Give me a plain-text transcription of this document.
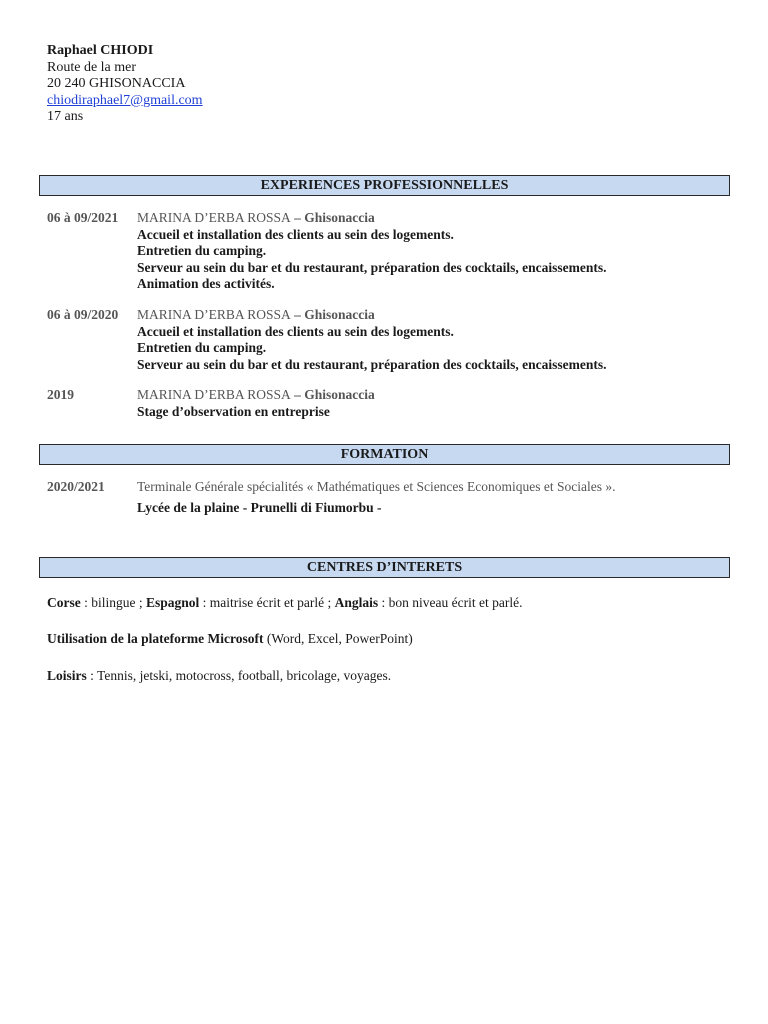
Raphael CHIODI
Route de la mer
20 240 GHISONACCIA
chiodiraphael7@gmail.com
17 ans
EXPERIENCES PROFESSIONNELLES
06 à 09/2021	MARINA D’ERBA ROSSA – Ghisonaccia
Accueil et installation des clients au sein des logements.
Entretien du camping.
Serveur au sein du bar et du restaurant, préparation des cocktails, encaissements.
Animation des activités.
06 à 09/2020	MARINA D’ERBA ROSSA – Ghisonaccia
Accueil et installation des clients au sein des logements.
Entretien du camping.
Serveur au sein du bar et du restaurant, préparation des cocktails, encaissements.
2019	MARINA D’ERBA ROSSA – Ghisonaccia
Stage d’observation en entreprise
FORMATION
2020/2021	Terminale Générale spécialités « Mathématiques et Sciences Economiques et Sociales ».
Lycée de la plaine - Prunelli di Fiumorbu -
CENTRES D’INTERETS
Corse : bilingue ; Espagnol : maitrise écrit et parlé ; Anglais : bon niveau écrit et parlé.
Utilisation de la plateforme Microsoft (Word, Excel, PowerPoint)
Loisirs : Tennis, jetski, motocross, football, bricolage, voyages.
